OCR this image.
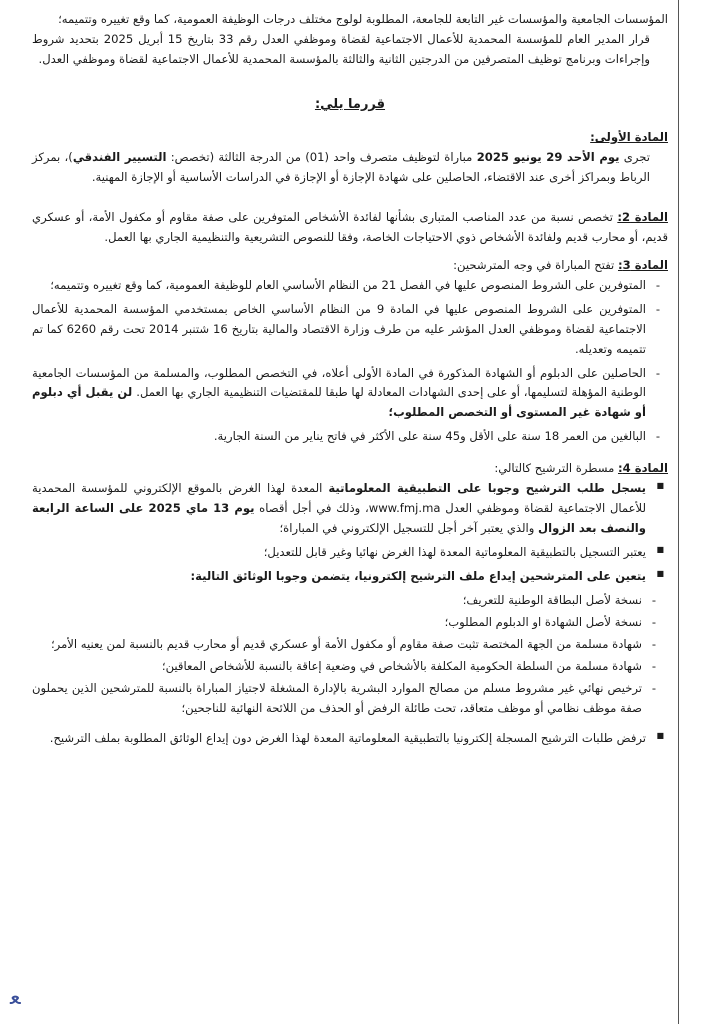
المؤسسات الجامعية والمؤسسات غير التابعة للجامعة، المطلوبة لولوج مختلف درجات الوظيفة العمومية، كما وقع تغييره وتتميمه؛

قرار المدير العام للمؤسسة المحمدية للأعمال الاجتماعية لقضاة وموظفي العدل رقم 33 بتاريخ 15 أبريل 2025 بتحديد شروط وإجراءات وبرنامج توظيف المتصرفين من الدرجتين الثانية والثالثة بالمؤسسة المحمدية للأعمال الاجتماعية لقضاة وموظفي العدل.

قررما يلي:

المادة الأولى:

تجرى يوم الأحد 29 يونيو 2025 مباراة لتوظيف متصرف واحد (01) من الدرجة الثالثة (تخصص: التسيير الفندقي)، بمركز الرباط وبمراكز أخرى عند الاقتضاء، الحاصلين على شهادة الإجازة أو الإجازة في الدراسات الأساسية أو الإجازة المهنية.

المادة 2: تخصص نسبة من عدد المناصب المتبارى بشأنها لفائدة الأشخاص المتوفرين على صفة مقاوم أو مكفول الأمة، أو عسكري قديم، أو محارب قديم ولفائدة الأشخاص ذوي الاحتياجات الخاصة، وفقا للنصوص التشريعية والتنظيمية الجاري بها العمل.

المادة 3: تفتح المباراة في وجه المترشحين:

- المتوفرين على الشروط المنصوص عليها في الفصل 21 من النظام الأساسي العام للوظيفة العمومية، كما وقع تغييره وتتميمه؛
- المتوفرين على الشروط المنصوص عليها في المادة 9 من النظام الأساسي الخاص بمستخدمي المؤسسة المحمدية للأعمال الاجتماعية لقضاة وموظفي العدل المؤشر عليه من طرف وزارة الاقتصاد والمالية بتاريخ 16 شتنبر 2014 تحت رقم 6260 كما تم تتميمه وتعديله.
- الحاصلين على الدبلوم أو الشهادة المذكورة في المادة الأولى أعلاه، في التخصص المطلوب، والمسلمة من المؤسسات الجامعية الوطنية المؤهلة لتسليمها، أو على إحدى الشهادات المعادلة لها طبقا للمقتضيات التنظيمية الجاري بها العمل. لن يقبل أي دبلوم أو شهادة غير المستوى أو التخصص المطلوب؛
- البالغين من العمر 18 سنة على الأقل و45 سنة على الأكثر في فاتح يناير من السنة الجارية.

المادة 4: مسطرة الترشيح كالتالي:

■ يسجل طلب الترشيح وجوبا على التطبيقية المعلوماتية المعدة لهذا الغرض بالموقع الإلكتروني للمؤسسة المحمدية للأعمال الاجتماعية لقضاة وموظفي العدل www.fmj.ma، وذلك في أجل أقصاه يوم 13 ماي 2025 على الساعة الرابعة والنصف بعد الزوال والذي يعتبر آخر أجل للتسجيل الإلكتروني في المباراة؛
■ يعتبر التسجيل بالتطبيقية المعلوماتية المعدة لهذا الغرض نهائيا وغير قابل للتعديل؛
■ يتعين على المترشحين إيداع ملف الترشيح إلكترونيا، يتضمن وجوبا الوثائق التالية:
- نسخة لأصل البطاقة الوطنية للتعريف؛
- نسخة لأصل الشهادة او الدبلوم المطلوب؛
- شهادة مسلمة من الجهة المختصة تثبت صفة مقاوم أو مكفول الأمة أو عسكري قديم أو محارب قديم بالنسبة لمن يعنيه الأمر؛
- شهادة مسلمة من السلطة الحكومية المكلفة بالأشخاص في وضعية إعاقة بالنسبة للأشخاص المعاقين؛
- ترخيص نهائي غير مشروط مسلم من مصالح الموارد البشرية بالإدارة المشغلة لاجتياز المباراة بالنسبة للمترشحين الذين يحملون صفة موظف نظامي أو موظف متعاقد، تحت طائلة الرفض أو الحذف من اللائحة النهائية للناجحين؛
■ ترفض طلبات الترشيح المسجلة إلكترونيا بالتطبيقية المعلوماتية المعدة لهذا الغرض دون إيداع الوثائق المطلوبة بملف الترشيح.
ﻌ
